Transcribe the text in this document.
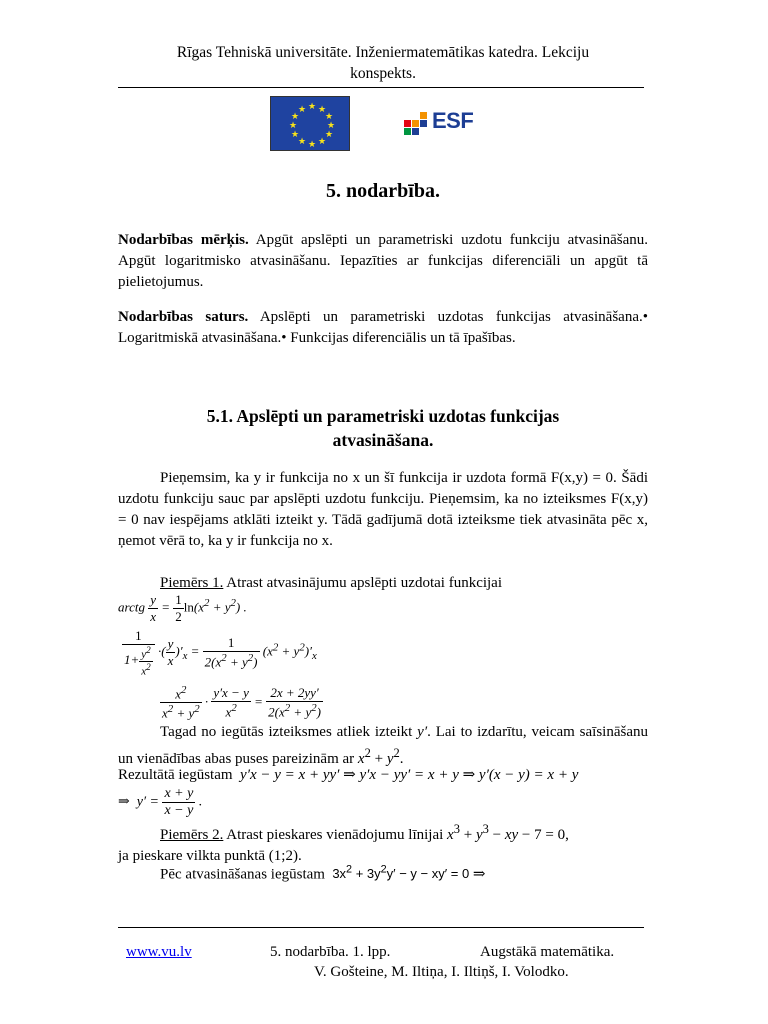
Rīgas Tehniskā universitāte. Inženiermatemātikas katedra. Lekciju
konspekts.
★ ★
★
★
★
★
★
★
★
★
★
★	ESF
5. nodarbība.
Nodarbības mērķis. Apgūt apslēpti un parametriski uzdotu funkciju atvasināšanu. Apgūt logaritmisko atvasināšanu. Iepazīties ar funkcijas diferenciāli un apgūt tā pielietojumus.
Nodarbības saturs. Apslēpti un parametriski uzdotas funkcijas atvasināšana.• Logaritmiskā atvasināšana.• Funkcijas diferenciālis un tā īpašības.
5.1. Apslēpti un parametriski uzdotas funkcijas
atvasināšana.
Pieņemsim, ka y ir funkcija no x un šī funkcija ir uzdota formā F(x,y) = 0. Šādi uzdotu funkciju sauc par apslēpti uzdotu funkciju. Pieņemsim, ka no izteiksmes F(x,y) = 0 nav iespējams atklāti izteikt y. Tādā gadījumā dotā izteiksme tiek atvasināta pēc x, ņemot vērā to, ka y ir funkcija no x.
Piemērs 1. Atrast atvasinājumu apslēpti uzdotai funkcijai
arctg $\frac{y}{x} = \frac{1}{2} \ln(x^2 + y^2)$ .
$\frac{1}{1+ \frac{y^2}{x^2}}$ ·( $\frac{y}{x} )'_x = \frac{1}{2(x^2 + y^2)} (x^2 + y^2)'_x$
$\frac{x^2}{x^2 + y^2} \cdot \frac{y'x - y}{x^2} = \frac{2x + 2yy'}{2(x^2 + y^2)}$
Tagad no iegūtās izteiksmes atliek izteikt y′. Lai to izdarītu, veicam saīsināšanu un vienādības abas puses pareizinām ar $x^2 + y^2$.
Rezultātā iegūstam  y′x − y = x + yy′ ⇒ y′x − yy′ = x + y ⇒ y′(x − y) = x + y
⇒  $y' = \frac{x + y}{x - y}$ .
Piemērs 2. Atrast pieskares vienādojumu līnijai $x^3 + y^3$ − xy − 7 = 0,
ja pieskare vilkta punktā (1;2).
Pēc atvasināšanas iegūstam  $3x^2 + 3y^2y' - y - xy' = 0$ ⇒
www.vu.lv	5. nodarbība. 1. lpp.	Augstākā matemātika.
V. Gošteine, M. Iltiņa, I. Iltiņš, I. Volodko.
